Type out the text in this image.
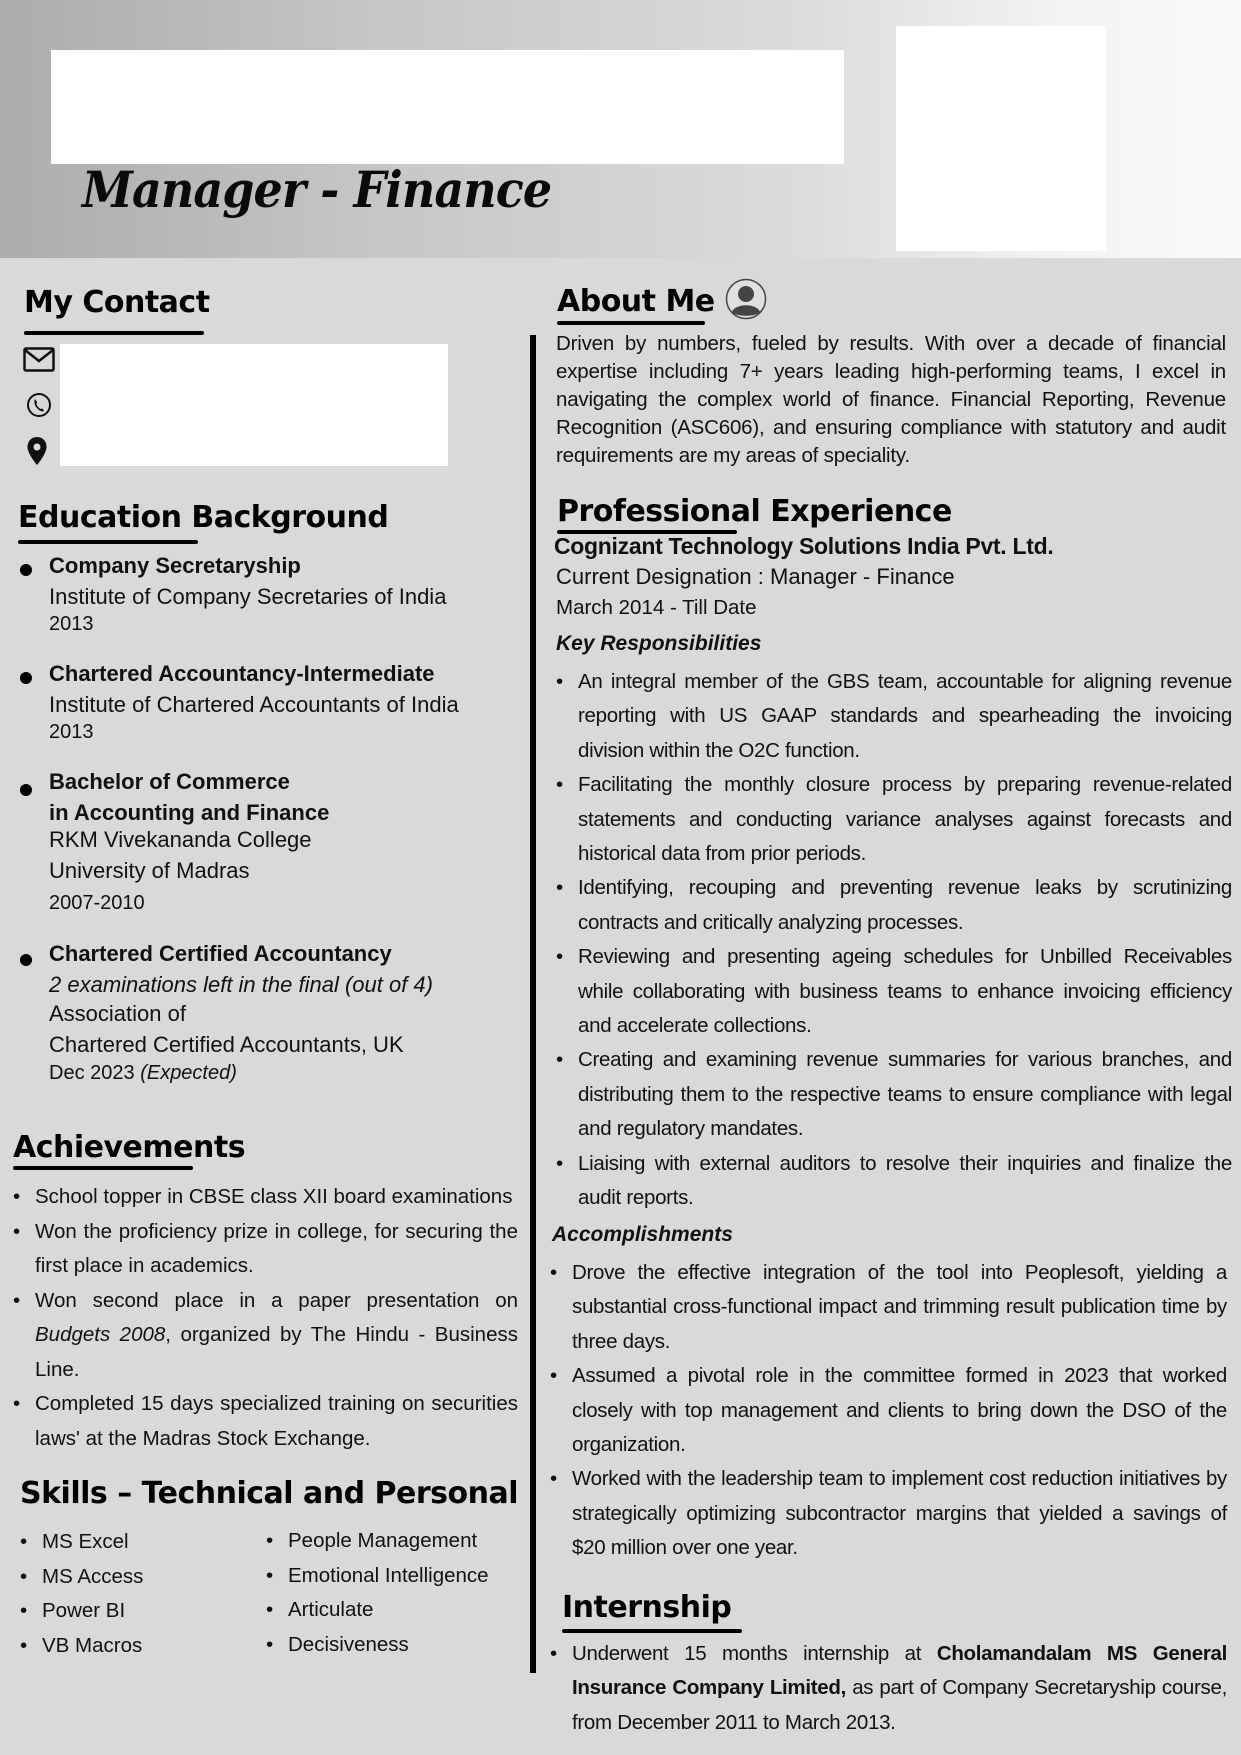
Manager - Finance
My Contact
Education Background
Company Secretaryship
Institute of Company Secretaries of India
2013
Chartered Accountancy-Intermediate
Institute of Chartered Accountants of India
2013
Bachelor of Commerce
in Accounting and Finance
RKM Vivekananda College
University of Madras
2007-2010
Chartered Certified Accountancy
2 examinations left in the final (out of 4)
Association of
Chartered Certified Accountants, UK
Dec 2023 (Expected)
Achievements
• School topper in CBSE class XII board examinations
• Won the proficiency prize in college, for securing the first place in academics.
• Won second place in a paper presentation on Budgets 2008, organized by The Hindu - Business Line.
• Completed 15 days specialized training on securities laws' at the Madras Stock Exchange.
Skills – Technical and Personal
• MS Excel
• MS Access
• Power BI
• VB Macros
• People Management
• Emotional Intelligence
• Articulate
• Decisiveness
About Me
Driven by numbers, fueled by results. With over a decade of financial expertise including 7+ years leading high-performing teams, I excel in navigating the complex world of finance. Financial Reporting, Revenue Recognition (ASC606), and ensuring compliance with statutory and audit requirements are my areas of speciality.
Professional Experience
Cognizant Technology Solutions India Pvt. Ltd.
Current Designation : Manager - Finance
March 2014 - Till Date
Key Responsibilities
• An integral member of the GBS team, accountable for aligning revenue reporting with US GAAP standards and spearheading the invoicing division within the O2C function.
• Facilitating the monthly closure process by preparing revenue-related statements and conducting variance analyses against forecasts and historical data from prior periods.
• Identifying, recouping and preventing revenue leaks by scrutinizing contracts and critically analyzing processes.
• Reviewing and presenting ageing schedules for Unbilled Receivables while collaborating with business teams to enhance invoicing efficiency and accelerate collections.
• Creating and examining revenue summaries for various branches, and distributing them to the respective teams to ensure compliance with legal and regulatory mandates.
• Liaising with external auditors to resolve their inquiries and finalize the audit reports.
Accomplishments
• Drove the effective integration of the tool into Peoplesoft, yielding a substantial cross-functional impact and trimming result publication time by three days.
• Assumed a pivotal role in the committee formed in 2023 that worked closely with top management and clients to bring down the DSO of the organization.
• Worked with the leadership team to implement cost reduction initiatives by strategically optimizing subcontractor margins that yielded a savings of $20 million over one year.
Internship
• Underwent 15 months internship at Cholamandalam MS General Insurance Company Limited, as part of Company Secretaryship course, from December 2011 to March 2013.
